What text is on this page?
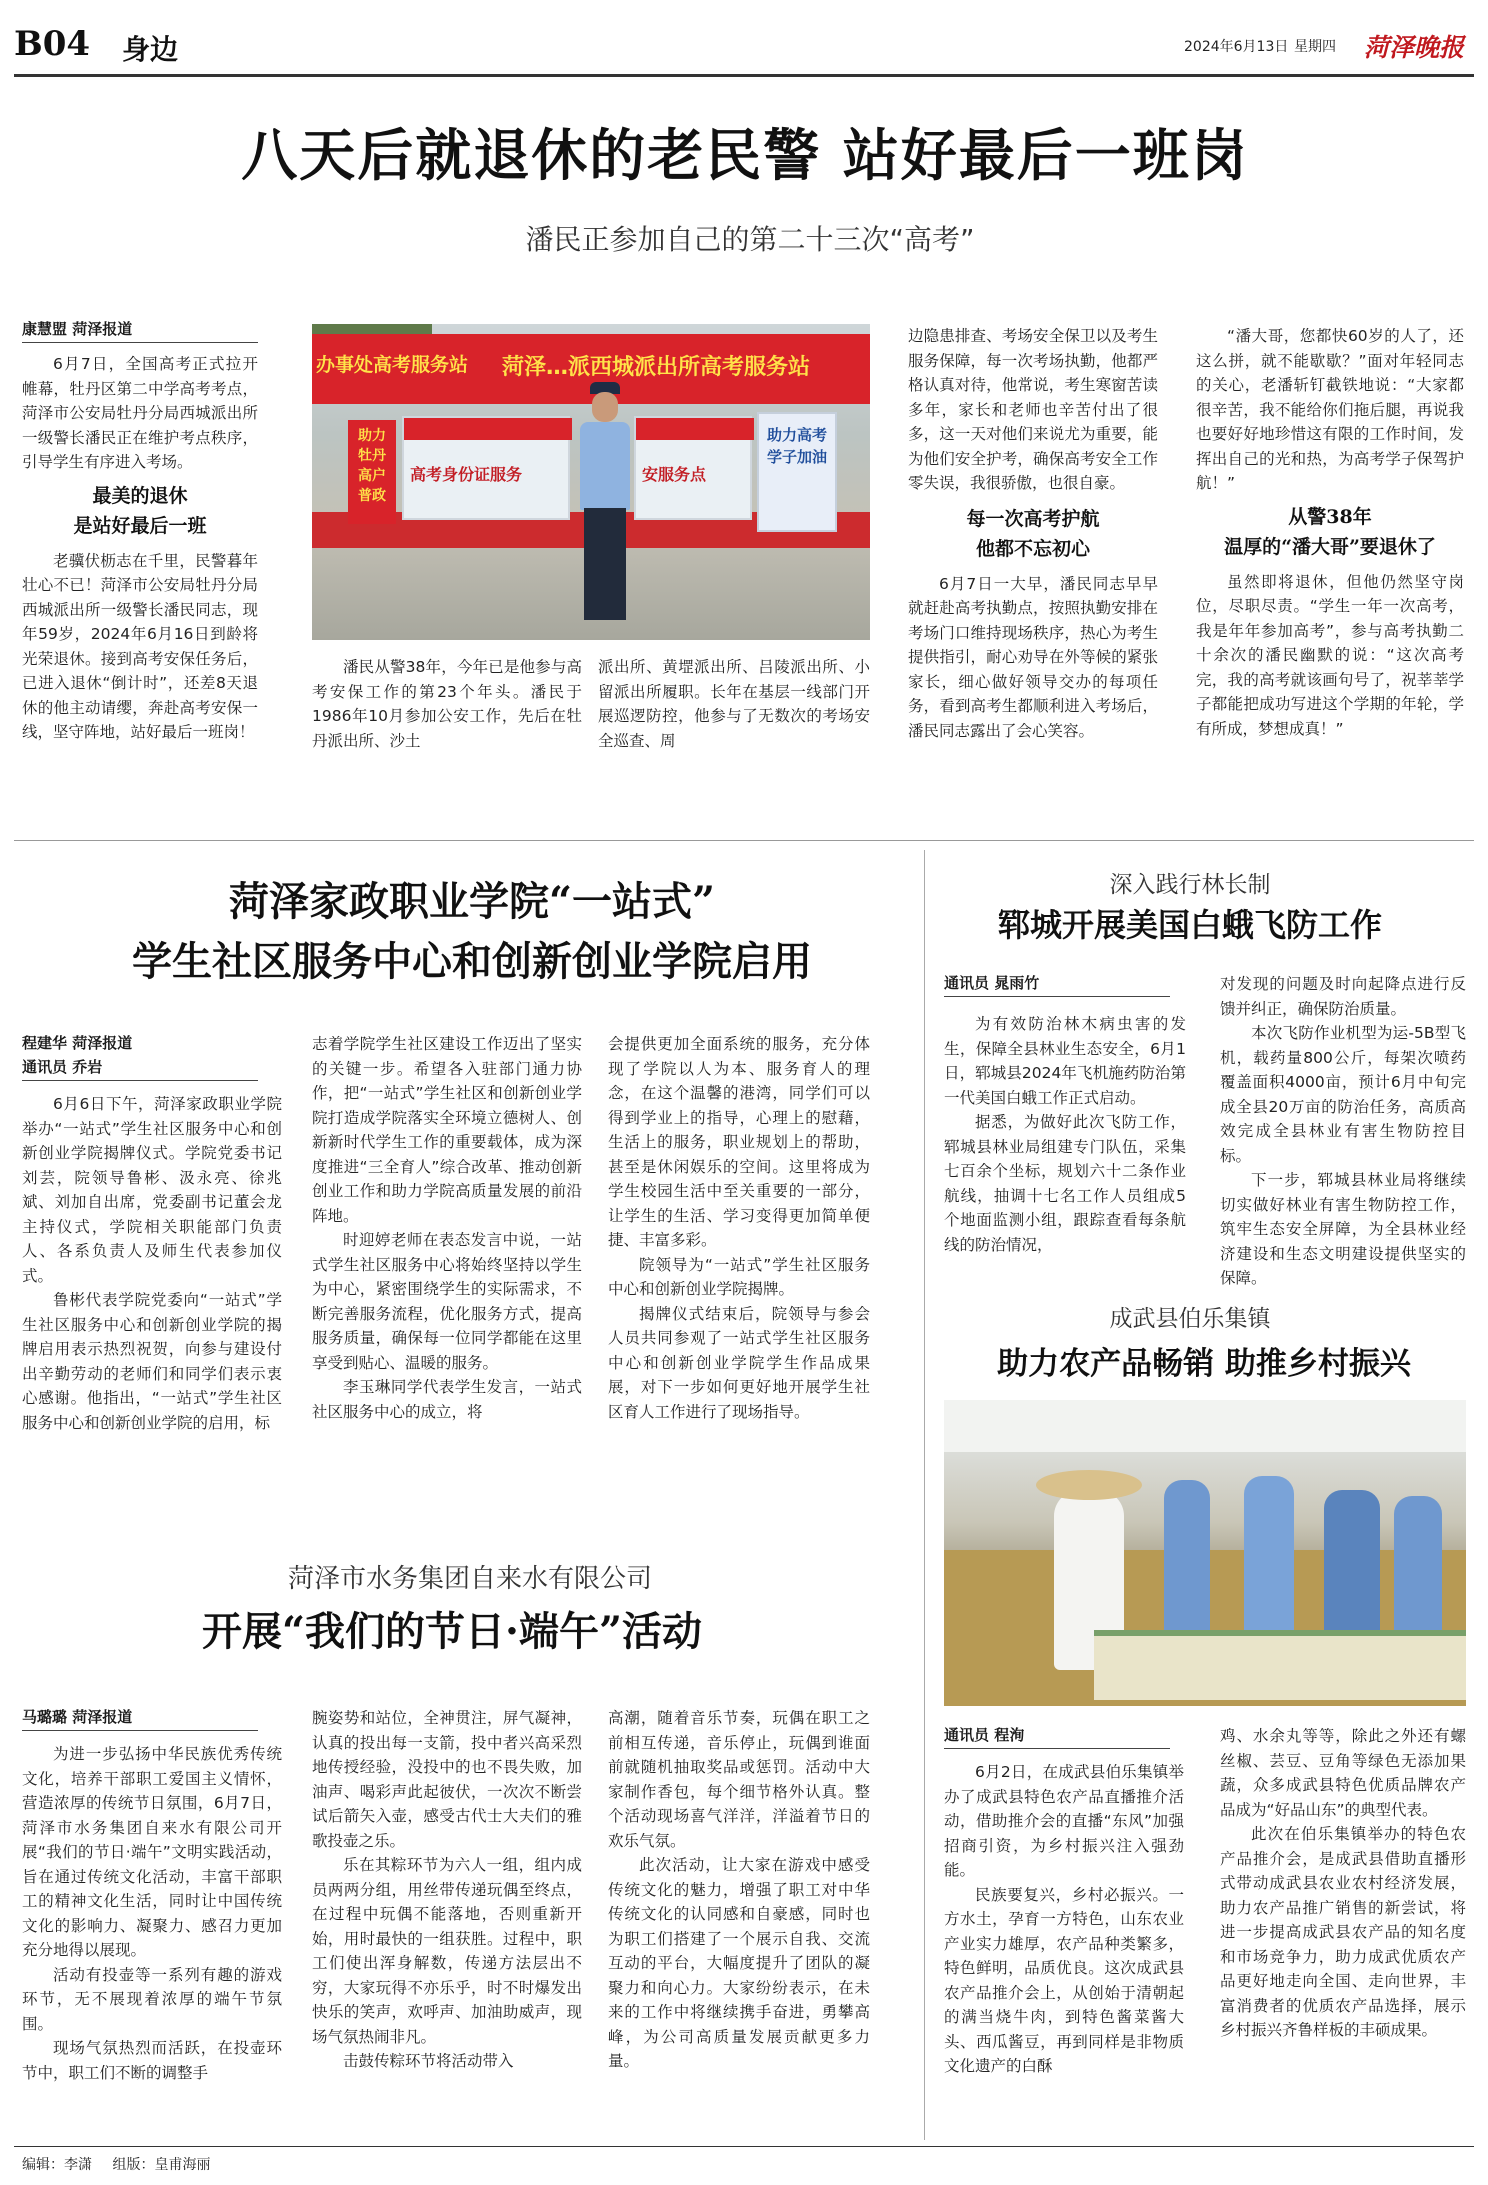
B04 身边	2024年6月13日 星期四 菏泽晚报
八天后就退休的老民警 站好最后一班岗
潘民正参加自己的第二十三次“高考”
康慧盟 菏泽报道

6月7日，全国高考正式拉开帷幕，牡丹区第二中学高考考点，菏泽市公安局牡丹分局西城派出所一级警长潘民正在维护考点秩序，引导学生有序进入考场。

最美的退休
是站好最后一班

老骥伏枥志在千里，民警暮年壮心不已！菏泽市公安局牡丹分局西城派出所一级警长潘民同志，现年59岁，2024年6月16日到龄将光荣退休。接到高考安保任务后，已进入退休“倒计时”，还差8天退休的他主动请缨，奔赴高考安保一线，坚守阵地，站好最后一班岗！

办事处高考服务站 菏泽…派西城派出所高考服务站
助力 牡丹 高户 普政
高考身份证服务	安服务点
助力高考学子加油

潘民从警38年，今年已是他参与高考安保工作的第23个年头。潘民于1986年10月参加公安工作，先后在牡丹派出所、沙土

派出所、黄堽派出所、吕陵派出所、小留派出所履职。长年在基层一线部门开展巡逻防控，他参与了无数次的考场安全巡查、周

边隐患排查、考场安全保卫以及考生服务保障，每一次考场执勤，他都严格认真对待，他常说，考生寒窗苦读多年，家长和老师也辛苦付出了很多，这一天对他们来说尤为重要，能为他们安全护考，确保高考安全工作零失误，我很骄傲，也很自豪。

每一次高考护航
他都不忘初心

6月7日一大早，潘民同志早早就赶赴高考执勤点，按照执勤安排在考场门口维持现场秩序，热心为考生提供指引，耐心劝导在外等候的紧张家长，细心做好领导交办的每项任务，看到高考生都顺利进入考场后，潘民同志露出了会心笑容。

“潘大哥，您都快60岁的人了，还这么拼，就不能歇歇？”面对年轻同志的关心，老潘斩钉截铁地说：“大家都很辛苦，我不能给你们拖后腿，再说我也要好好地珍惜这有限的工作时间，发挥出自己的光和热，为高考学子保驾护航！”

从警38年
温厚的“潘大哥”要退休了

虽然即将退休，但他仍然坚守岗位，尽职尽责。“学生一年一次高考，我是年年参加高考”，参与高考执勤二十余次的潘民幽默的说：“这次高考完，我的高考就该画句号了，祝莘莘学子都能把成功写进这个学期的年轮，学有所成，梦想成真！”

菏泽家政职业学院“一站式”
学生社区服务中心和创新创业学院启用
程建华 菏泽报道
通讯员 乔岩

6月6日下午，菏泽家政职业学院举办“一站式”学生社区服务中心和创新创业学院揭牌仪式。学院党委书记刘芸，院领导鲁彬、汲永亮、徐兆斌、刘加自出席，党委副书记董会龙主持仪式，学院相关职能部门负责人、各系负责人及师生代表参加仪式。

鲁彬代表学院党委向“一站式”学生社区服务中心和创新创业学院的揭牌启用表示热烈祝贺，向参与建设付出辛勤劳动的老师们和同学们表示衷心感谢。他指出，“一站式”学生社区服务中心和创新创业学院的启用，标

志着学院学生社区建设工作迈出了坚实的关键一步。希望各入驻部门通力协作，把“一站式”学生社区和创新创业学院打造成学院落实全环境立德树人、创新新时代学生工作的重要载体，成为深度推进“三全育人”综合改革、推动创新创业工作和助力学院高质量发展的前沿阵地。

时迎婷老师在表态发言中说，一站式学生社区服务中心将始终坚持以学生为中心，紧密围绕学生的实际需求，不断完善服务流程，优化服务方式，提高服务质量，确保每一位同学都能在这里享受到贴心、温暖的服务。

李玉琳同学代表学生发言，一站式社区服务中心的成立，将

会提供更加全面系统的服务，充分体现了学院以人为本、服务育人的理念，在这个温馨的港湾，同学们可以得到学业上的指导，心理上的慰藉，生活上的服务，职业规划上的帮助，甚至是休闲娱乐的空间。这里将成为学生校园生活中至关重要的一部分，让学生的生活、学习变得更加简单便捷、丰富多彩。

院领导为“一站式”学生社区服务中心和创新创业学院揭牌。

揭牌仪式结束后，院领导与参会人员共同参观了一站式学生社区服务中心和创新创业学院学生作品成果展，对下一步如何更好地开展学生社区育人工作进行了现场指导。

深入践行林长制
郓城开展美国白蛾飞防工作
通讯员 晁雨竹

为有效防治林木病虫害的发生，保障全县林业生态安全，6月1日，郓城县2024年飞机施药防治第一代美国白蛾工作正式启动。

据悉，为做好此次飞防工作，郓城县林业局组建专门队伍，采集七百余个坐标，规划六十二条作业航线，抽调十七名工作人员组成5个地面监测小组，跟踪查看每条航线的防治情况，

对发现的问题及时向起降点进行反馈并纠正，确保防治质量。

本次飞防作业机型为运-5B型飞机，载药量800公斤，每架次喷药覆盖面积4000亩，预计6月中旬完成全县20万亩的防治任务，高质高效完成全县林业有害生物防控目标。

下一步，郓城县林业局将继续切实做好林业有害生物防控工作，筑牢生态安全屏障，为全县林业经济建设和生态文明建设提供坚实的保障。

成武县伯乐集镇
助力农产品畅销 助推乡村振兴
通讯员 程洵

6月2日，在成武县伯乐集镇举办了成武县特色农产品直播推介活动，借助推介会的直播“东风”加强招商引资，为乡村振兴注入强劲能。

民族要复兴，乡村必振兴。一方水土，孕育一方特色，山东农业产业实力雄厚，农产品种类繁多，特色鲜明，品质优良。这次成武县农产品推介会上，从创始于清朝起的满当烧牛肉，到特色酱菜酱大头、西瓜酱豆，再到同样是非物质文化遗产的白酥

鸡、水余丸等等，除此之外还有螺丝椒、芸豆、豆角等绿色无添加果蔬，众多成武县特色优质品牌农产品成为“好品山东”的典型代表。

此次在伯乐集镇举办的特色农产品推介会，是成武县借助直播形式带动成武县农业农村经济发展，助力农产品推广销售的新尝试，将进一步提高成武县农产品的知名度和市场竞争力，助力成武优质农产品更好地走向全国、走向世界，丰富消费者的优质农产品选择，展示乡村振兴齐鲁样板的丰硕成果。

菏泽市水务集团自来水有限公司
开展“我们的节日·端午”活动
马璐璐 菏泽报道

为进一步弘扬中华民族优秀传统文化，培养干部职工爱国主义情怀，营造浓厚的传统节日氛围，6月7日，菏泽市水务集团自来水有限公司开展“我们的节日·端午”文明实践活动，旨在通过传统文化活动，丰富干部职工的精神文化生活，同时让中国传统文化的影响力、凝聚力、感召力更加充分地得以展现。

活动有投壶等一系列有趣的游戏环节，无不展现着浓厚的端午节氛围。

现场气氛热烈而活跃，在投壶环节中，职工们不断的调整手

腕姿势和站位，全神贯注，屏气凝神，认真的投出每一支箭，投中者兴高采烈地传授经验，没投中的也不畏失败，加油声、喝彩声此起彼伏，一次次不断尝试后箭矢入壶，感受古代士大夫们的雅歌投壶之乐。

乐在其粽环节为六人一组，组内成员两两分组，用丝带传递玩偶至终点，在过程中玩偶不能落地，否则重新开始，用时最快的一组获胜。过程中，职工们使出浑身解数，传递方法层出不穷，大家玩得不亦乐乎，时不时爆发出快乐的笑声，欢呼声、加油助威声，现场气氛热闹非凡。

击鼓传粽环节将活动带入

高潮，随着音乐节奏，玩偶在职工之前相互传递，音乐停止，玩偶到谁面前就随机抽取奖品或惩罚。活动中大家制作香包，每个细节格外认真。整个活动现场喜气洋洋，洋溢着节日的欢乐气氛。

此次活动，让大家在游戏中感受传统文化的魅力，增强了职工对中华传统文化的认同感和自豪感，同时也为职工们搭建了一个展示自我、交流互动的平台，大幅度提升了团队的凝聚力和向心力。大家纷纷表示，在未来的工作中将继续携手奋进，勇攀高峰，为公司高质量发展贡献更多力量。

编辑：李潇 组版：皇甫海丽
